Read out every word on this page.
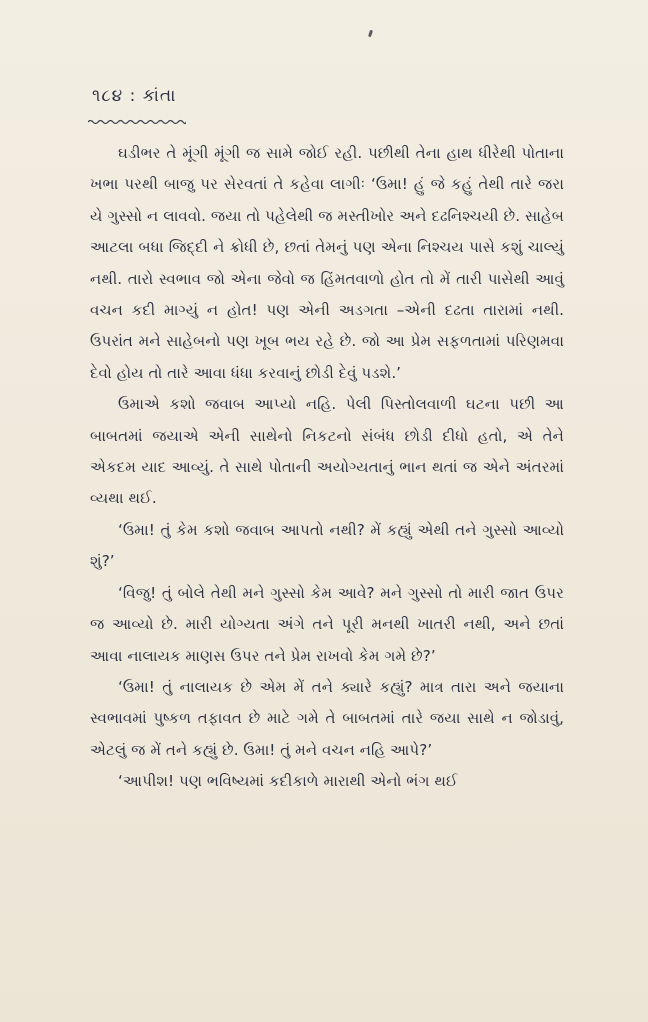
૧૮૪ : કાંતા

ઘડીભર તે મૂંગી મૂંગી જ સામે જોઈ રહી. પછીથી તેના હાથ ધીરેથી પોતાના ખભા પરથી બાજુ પર સેરવતાં તે કહેવા લાગીઃ ‘ઉમા! હું જે કહું તેથી તારે જરા યે ગુસ્સો ન લાવવો. જયા તો પહેલેથી જ મસ્તીખોર અને દઢનિશ્ચયી છે. સાહેબ આટલા બધા જિદ્દી ને ક્રોધી છે, છતાં તેમનું પણ એના નિશ્ચય પાસે કશું ચાલ્યું નથી. તારો સ્વભાવ જો એના જેવો જ હિંમતવાળો હોત તો મેં તારી પાસેથી આવું વચન કદી માગ્યું ન હોત! પણ એની અડગતા –એની દઢતા તારામાં નથી. ઉપરાંત મને સાહેબનો પણ ખૂબ ભય રહે છે. જો આ પ્રેમ સફળતામાં પરિણમવા દેવો હોય તો તારે આવા ધંધા કરવાનું છોડી દેવું પડશે.’

ઉમાએ કશો જવાબ આપ્યો નહિ. પેલી પિસ્તોલવાળી ઘટના પછી આ બાબતમાં જયાએ એની સાથેનો નિકટનો સંબંધ છોડી દીધો હતો, એ તેને એકદમ યાદ આવ્યું. તે સાથે પોતાની અયોગ્યતાનું ભાન થતાં જ એને અંતરમાં વ્યથા થઈ.

‘ઉમા! તું કેમ કશો જવાબ આપતો નથી? મેં કહ્યું એથી તને ગુસ્સો આવ્યો શું?’

‘વિજુ! તું બોલે તેથી મને ગુસ્સો કેમ આવે? મને ગુસ્સો તો મારી જાત ઉપર જ આવ્યો છે. મારી યોગ્યતા અંગે તને પૂરી મનથી ખાતરી નથી, અને છતાં આવા નાલાયક માણસ ઉપર તને પ્રેમ રાખવો કેમ ગમે છે?’

‘ઉમા! તું નાલાયક છે એમ મેં તને ક્યારે કહ્યું? માત્ર તારા અને જયાના સ્વભાવમાં પુષ્કળ તફાવત છે માટે ગમે તે બાબતમાં તારે જયા સાથે ન જોડાવું, એટલું જ મેં તને કહ્યું છે. ઉમા! તું મને વચન નહિ આપે?’

‘આપીશ! પણ ભવિષ્યમાં કદીકાળે મારાથી એનો ભંગ થઈ
